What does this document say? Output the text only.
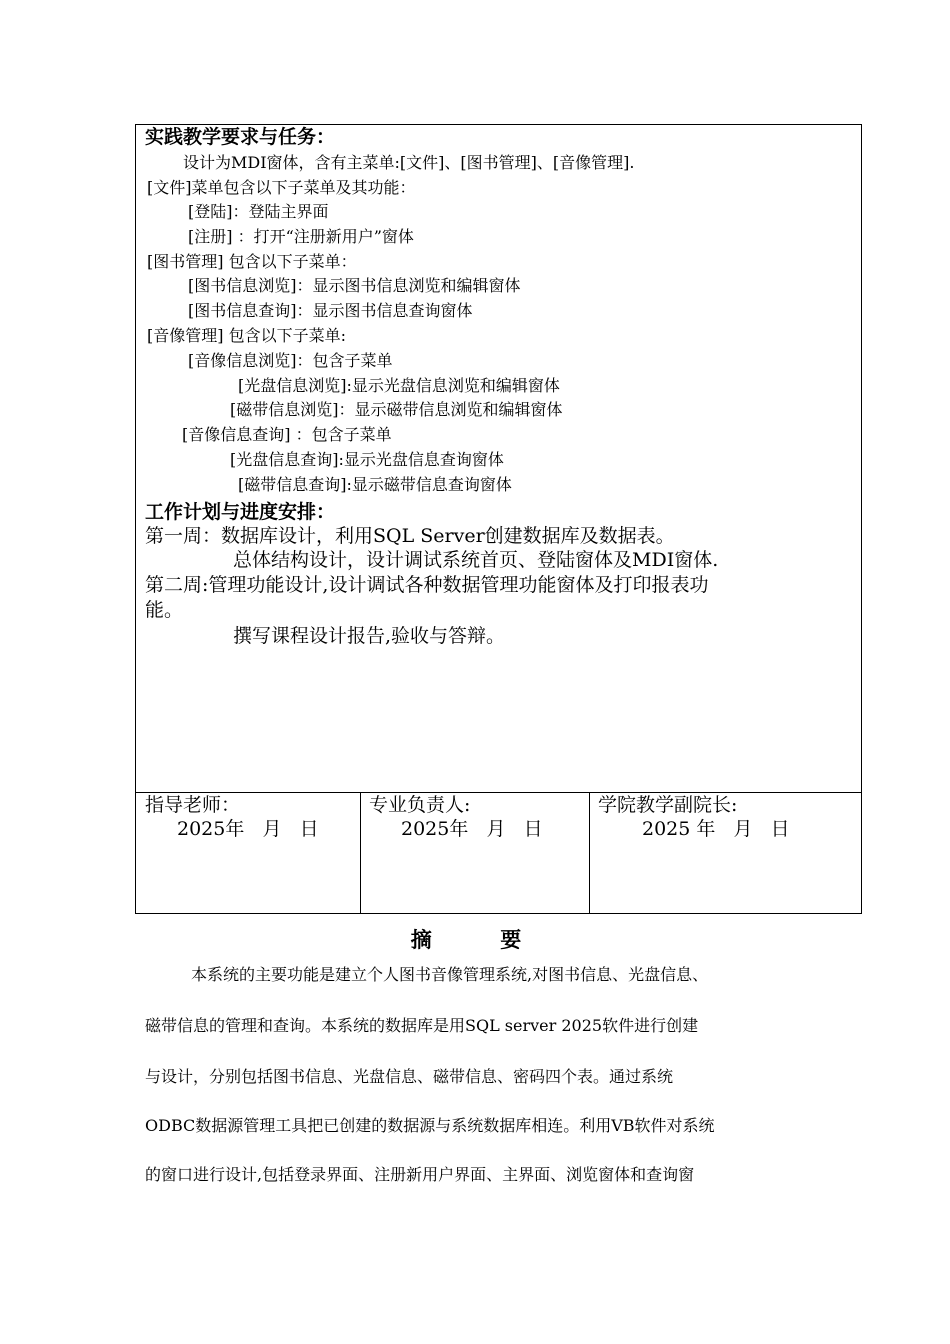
实践教学要求与任务：
设计为MDI窗体，含有主菜单:[文件]、[图书管理]、[音像管理].
[文件]菜单包含以下子菜单及其功能：
[登陆]：登陆主界面
[注册] ：打开“注册新用户”窗体
[图书管理] 包含以下子菜单：
[图书信息浏览]：显示图书信息浏览和编辑窗体
[图书信息查询]：显示图书信息查询窗体
[音像管理] 包含以下子菜单:
[音像信息浏览]：包含子菜单
[光盘信息浏览]:显示光盘信息浏览和编辑窗体
[磁带信息浏览]：显示磁带信息浏览和编辑窗体
[音像信息查询] ：包含子菜单
[光盘信息查询]:显示光盘信息查询窗体
[磁带信息查询]:显示磁带信息查询窗体
工作计划与进度安排：
第一周：数据库设计，利用SQL Server创建数据库及数据表。
总体结构设计，设计调试系统首页、登陆窗体及MDI窗体.
第二周:管理功能设计,设计调试各种数据管理功能窗体及打印报表功
能。
撰写课程设计报告,验收与答辩。
指导老师：
2025年   月   日
专业负责人:
2025年   月   日
学院教学副院长:
2025 年   月   日
摘  要
本系统的主要功能是建立个人图书音像管理系统,对图书信息、光盘信息、
磁带信息的管理和查询。本系统的数据库是用SQL server 2025软件进行创建
与设计，分别包括图书信息、光盘信息、磁带信息、密码四个表。通过系统
ODBC数据源管理工具把已创建的数据源与系统数据库相连。利用VB软件对系统
的窗口进行设计,包括登录界面、注册新用户界面、主界面、浏览窗体和查询窗
